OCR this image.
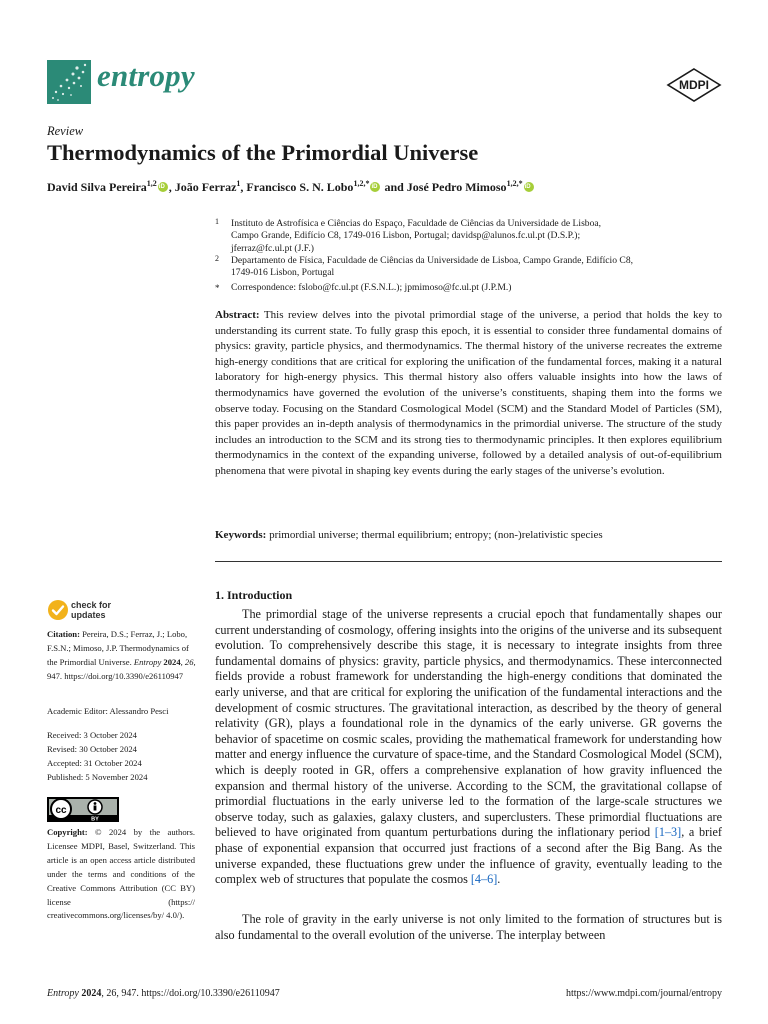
entropy	MDPI
Review
Thermodynamics of the Primordial Universe
David Silva Pereira$^{1,2}$iD , João Ferraz$^1$, Francisco S. N. Lobo$^{1,2,*}$iD and José Pedro Mimoso$^{1,2,*}$iD
1 Instituto de Astrofísica e Ciências do Espaço, Faculdade de Ciências da Universidade de Lisboa,
Campo Grande, Edifício C8, 1749-016 Lisbon, Portugal; davidsp@alunos.fc.ul.pt (D.S.P.);
jferraz@fc.ul.pt (J.F.)
2 Departamento de Física, Faculdade de Ciências da Universidade de Lisboa, Campo Grande, Edifício C8,
1749-016 Lisbon, Portugal
* Correspondence: fslobo@fc.ul.pt (F.S.N.L.); jpmimoso@fc.ul.pt (J.P.M.)

Abstract: This review delves into the pivotal primordial stage of the universe, a period that holds the key to understanding its current state. To fully grasp this epoch, it is essential to consider three fundamental domains of physics: gravity, particle physics, and thermodynamics. The thermal history of the universe recreates the extreme high-energy conditions that are critical for exploring the unification of the fundamental forces, making it a natural laboratory for high-energy physics. This thermal history also offers valuable insights into how the laws of thermodynamics have governed the evolution of the universe’s constituents, shaping them into the forms we observe today. Focusing on the Standard Cosmological Model (SCM) and the Standard Model of Particles (SM), this paper provides an in-depth analysis of thermodynamics in the primordial universe. The structure of the study includes an introduction to the SCM and its strong ties to thermodynamic principles. It then explores equilibrium thermodynamics in the context of the expanding universe, followed by a detailed analysis of out-of-equilibrium phenomena that were pivotal in shaping key events during the early stages of the universe’s evolution.

Keywords: primordial universe; thermal equilibrium; entropy; (non-)relativistic species
check for
updates
Citation: Pereira, D.S.; Ferraz, J.; Lobo, F.S.N.; Mimoso, J.P. Thermodynamics of the Primordial Universe. Entropy 2024, 26, 947. https://doi.org/10.3390/e26110947
Academic Editor: Alessandro Pesci
Received: 3 October 2024
Revised: 30 October 2024
Accepted: 31 October 2024
Published: 5 November 2024
cc
BY
Copyright: © 2024 by the authors. Licensee MDPI, Basel, Switzerland. This article is an open access article distributed under the terms and conditions of the Creative Commons Attribution (CC BY) license (https:// creativecommons.org/licenses/by/ 4.0/).
1. Introduction

The primordial stage of the universe represents a crucial epoch that fundamentally shapes our current understanding of cosmology, offering insights into the origins of the universe and its subsequent evolution. To comprehensively describe this stage, it is necessary to integrate insights from three fundamental domains of physics: gravity, particle physics, and thermodynamics. These interconnected fields provide a robust framework for understanding the high-energy conditions that dominated the early universe, and that are critical for exploring the unification of the fundamental interactions and the development of cosmic structures. The gravitational interaction, as described by the theory of general relativity (GR), plays a foundational role in the dynamics of the early universe. GR governs the behavior of spacetime on cosmic scales, providing the mathematical framework for understanding how matter and energy influence the curvature of space-time, and the Standard Cosmological Model (SCM), which is deeply rooted in GR, offers a comprehensive explanation of how gravity influenced the expansion and thermal history of the universe. According to the SCM, the gravitational collapse of primordial fluctuations in the early universe led to the formation of the large-scale structures we observe today, such as galaxies, galaxy clusters, and superclusters. These primordial fluctuations are believed to have originated from quantum perturbations during the inflationary period [1–3], a brief phase of exponential expansion that occurred just fractions of a second after the Big Bang. As the universe expanded, these fluctuations grew under the influence of gravity, eventually leading to the complex web of structures that populate the cosmos [4–6].

The role of gravity in the early universe is not only limited to the formation of structures but is also fundamental to the overall evolution of the universe. The interplay between

Entropy 2024, 26, 947. https://doi.org/10.3390/e26110947	https://www.mdpi.com/journal/entropy
